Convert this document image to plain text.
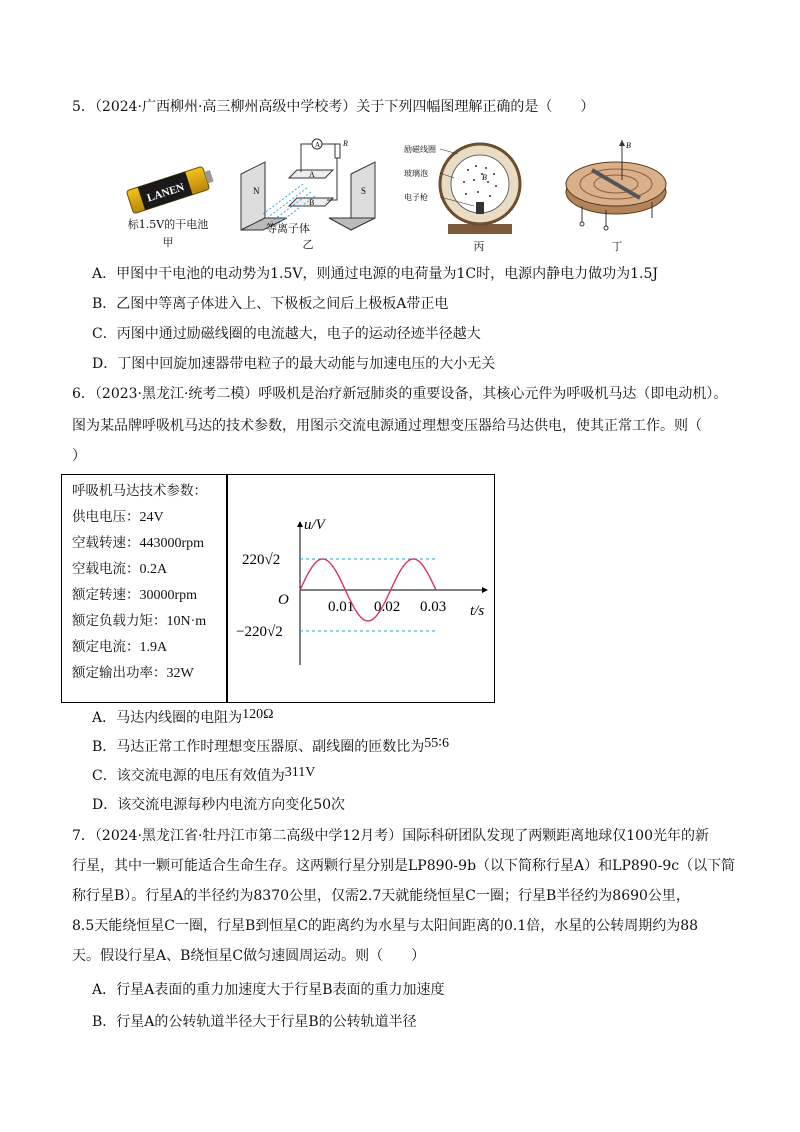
5．（2024·广西柳州·高三柳州高级中学校考）关于下列四幅图理解正确的是（　　）
LANEN
标1.5V的干电池
甲
N	S
A
B
A	R
等离子体
乙
B
励磁线圈
玻璃泡
电子枪
丙
B
丁
A．甲图中干电池的电动势为1.5V，则通过电源的电荷量为1C时，电源内静电力做功为1.5J
B．乙图中等离子体进入上、下极板之间后上极板A带正电
C．丙图中通过励磁线圈的电流越大，电子的运动径迹半径越大
D．丁图中回旋加速器带电粒子的最大动能与加速电压的大小无关
6．（2023·黑龙江·统考二模）呼吸机是治疗新冠肺炎的重要设备，其核心元件为呼吸机马达（即电动机）。
图为某品牌呼吸机马达的技术参数，用图示交流电源通过理想变压器给马达供电，使其正常工作。则（
）
呼吸机马达技术参数：
供电电压：24V
空载转速：443000rpm
空载电流：0.2A
额定转速：30000rpm
额定负载力矩：10N·m
额定电流：1.9A
额定输出功率：32W
u/V
t/s
O
220√2
−220√2
0.01 0.02 0.03
A．马达内线圈的电阻为120Ω
B．马达正常工作时理想变压器原、副线圈的匝数比为55∶6
C．该交流电源的电压有效值为311V
D．该交流电源每秒内电流方向变化50次
7．（2024·黑龙江省·牡丹江市第二高级中学12月考）国际科研团队发现了两颗距离地球仅100光年的新
行星，其中一颗可能适合生命生存。这两颗行星分别是LP890-9b（以下简称行星A）和LP890-9c（以下简
称行星B）。行星A的半径约为8370公里，仅需2.7天就能绕恒星C一圈；行星B半径约为8690公里，
8.5天能绕恒星C一圈，行星B到恒星C的距离约为水星与太阳间距离的0.1倍，水星的公转周期约为88
天。假设行星A、B绕恒星C做匀速圆周运动。则（　　）
A．行星A表面的重力加速度大于行星B表面的重力加速度
B．行星A的公转轨道半径大于行星B的公转轨道半径
